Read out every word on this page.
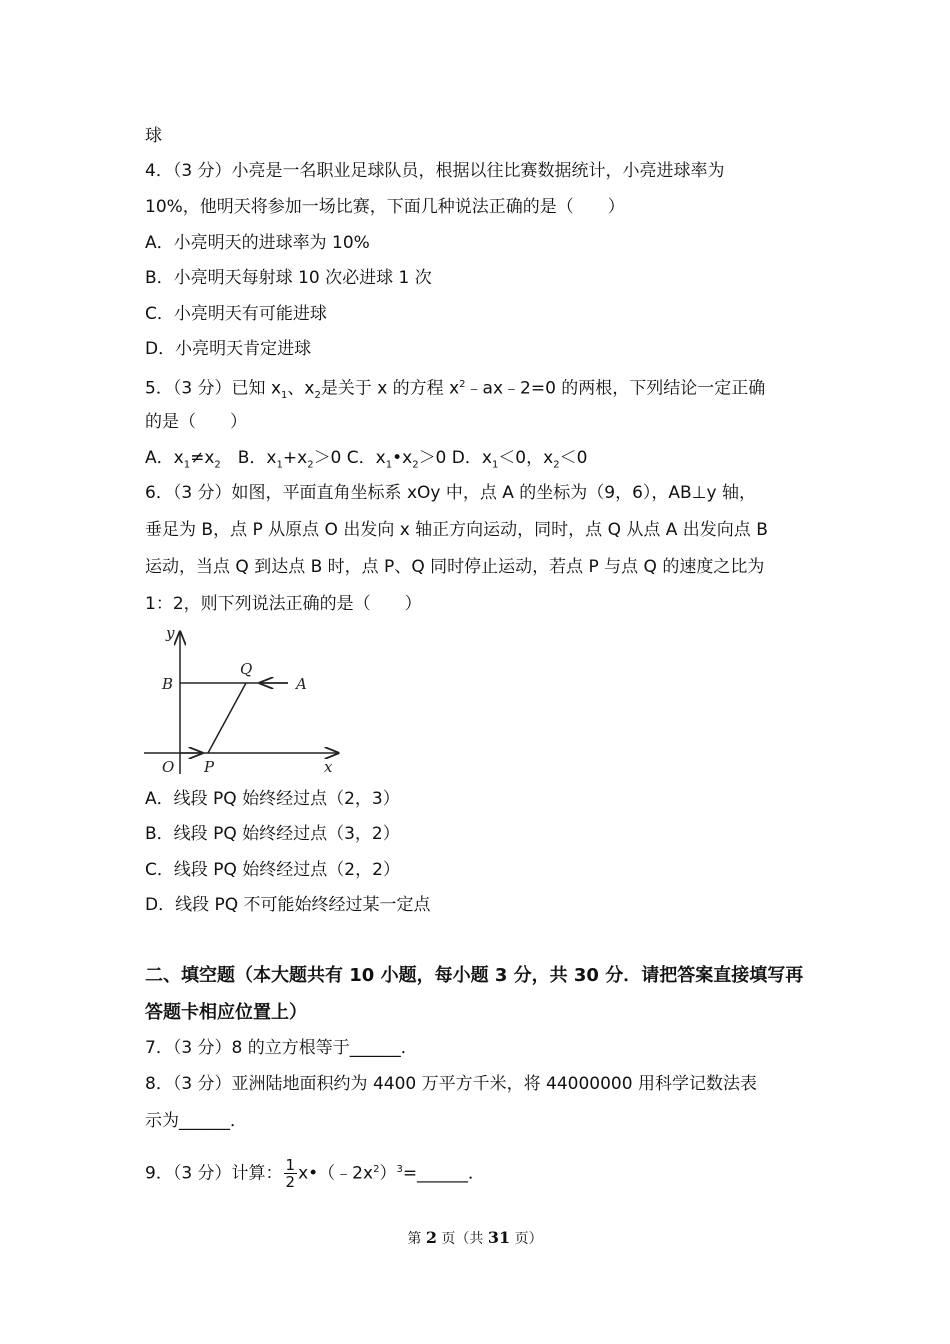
球
4．（3 分）小亮是一名职业足球队员，根据以往比赛数据统计，小亮进球率为
10%，他明天将参加一场比赛，下面几种说法正确的是（　　）
A．小亮明天的进球率为 10%
B．小亮明天每射球 10 次必进球 1 次
C．小亮明天有可能进球
D．小亮明天肯定进球
5．（3 分）已知 $x_1$、$x_2$是关于 x 的方程 $x^2﹣ax﹣2=0$ 的两根，下列结论一定正确
的是（　　）
A．$x_1\ne x_2$　B．$x_1+x_2>0$ C．$x_1•x_2>0$ D．$x_1<0$，$x_2<0$
6．（3 分）如图，平面直角坐标系 xOy 中，点 A 的坐标为（9，6），AB⊥y 轴，
垂足为 B，点 P 从原点 O 出发向 x 轴正方向运动，同时，点 Q 从点 A 出发向点 B
运动，当点 Q 到达点 B 时，点 P、Q 同时停止运动，若点 P 与点 Q 的速度之比为
1：2，则下列说法正确的是（　　）
y
x
O
B
Q
A
P
A．线段 PQ 始终经过点（2，3）
B．线段 PQ 始终经过点（3，2）
C．线段 PQ 始终经过点（2，2）
D．线段 PQ 不可能始终经过某一定点
二、填空题（本大题共有 10 小题，每小题 3 分，共 30 分．请把答案直接填写再
答题卡相应位置上）
7．（3 分）8 的立方根等于______．
8．（3 分）亚洲陆地面积约为 4400 万平方千米，将 44000000 用科学记数法表
示为______．
9．（3 分）计算： $\frac{1}{2}$ $x•(﹣2x^2)^3=\_\_\_\_\_\_$．
第 2 页（共 31 页）
